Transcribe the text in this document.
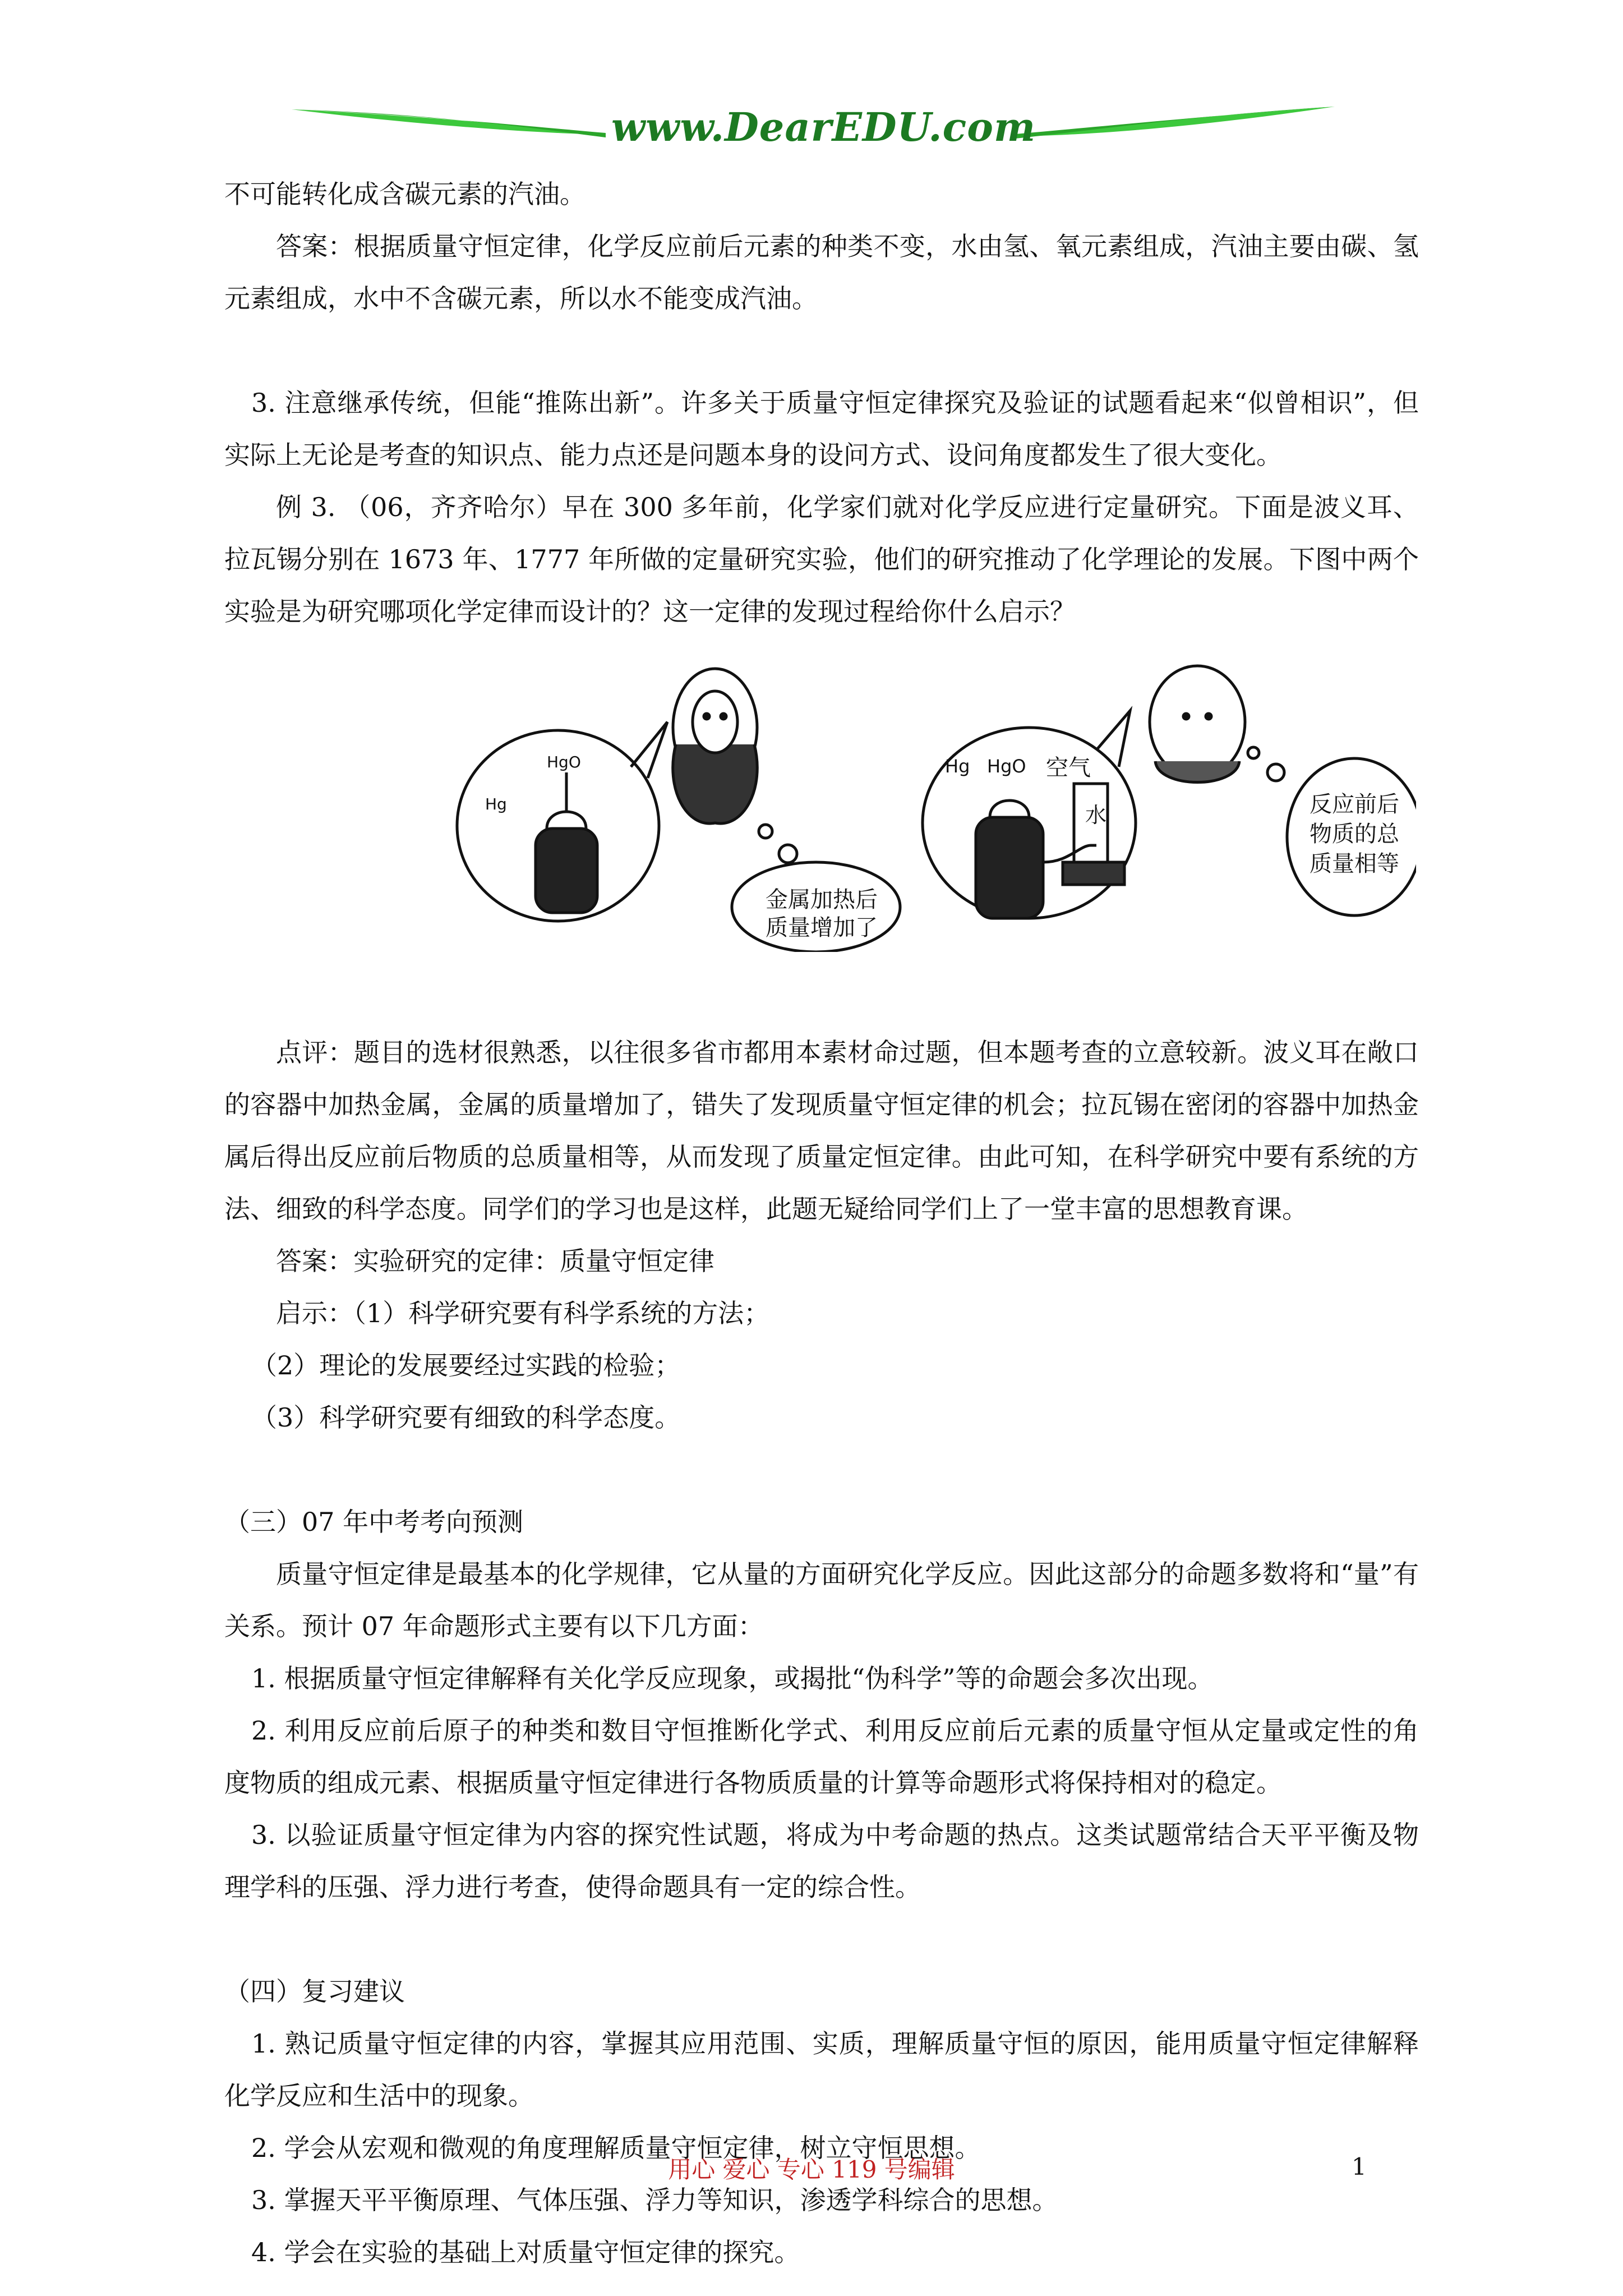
www.DearEDU.com

不可能转化成含碳元素的汽油。

答案：根据质量守恒定律，化学反应前后元素的种类不变，水由氢、氧元素组成，汽油主要由碳、氢元素组成，水中不含碳元素，所以水不能变成汽油。

3. 注意继承传统，但能“推陈出新”。许多关于质量守恒定律探究及验证的试题看起来“似曾相识”，但实际上无论是考查的知识点、能力点还是问题本身的设问方式、设问角度都发生了很大变化。

例 3. （06，齐齐哈尔）早在 300 多年前，化学家们就对化学反应进行定量研究。下面是波义耳、拉瓦锡分别在 1673 年、1777 年所做的定量研究实验，他们的研究推动了化学理论的发展。下图中两个实验是为研究哪项化学定律而设计的？这一定律的发现过程给你什么启示？

Hg
HgO
金属加热后
质量增加了
Hg HgO 空气
水	反应前后
物质的总
质量相等

点评：题目的选材很熟悉，以往很多省市都用本素材命过题，但本题考查的立意较新。波义耳在敞口的容器中加热金属，金属的质量增加了，错失了发现质量守恒定律的机会；拉瓦锡在密闭的容器中加热金属后得出反应前后物质的总质量相等，从而发现了质量定恒定律。由此可知，在科学研究中要有系统的方法、细致的科学态度。同学们的学习也是这样，此题无疑给同学们上了一堂丰富的思想教育课。

答案：实验研究的定律：质量守恒定律

启示：（1）科学研究要有科学系统的方法；

（2）理论的发展要经过实践的检验；

（3）科学研究要有细致的科学态度。

（三）07 年中考考向预测

质量守恒定律是最基本的化学规律，它从量的方面研究化学反应。因此这部分的命题多数将和“量”有关系。预计 07 年命题形式主要有以下几方面：

1. 根据质量守恒定律解释有关化学反应现象，或揭批“伪科学”等的命题会多次出现。

2. 利用反应前后原子的种类和数目守恒推断化学式、利用反应前后元素的质量守恒从定量或定性的角度物质的组成元素、根据质量守恒定律进行各物质质量的计算等命题形式将保持相对的稳定。

3. 以验证质量守恒定律为内容的探究性试题，将成为中考命题的热点。这类试题常结合天平平衡及物理学科的压强、浮力进行考查，使得命题具有一定的综合性。

（四）复习建议

1. 熟记质量守恒定律的内容，掌握其应用范围、实质，理解质量守恒的原因，能用质量守恒定律解释化学反应和生活中的现象。

2. 学会从宏观和微观的角度理解质量守恒定律，树立守恒思想。

3. 掌握天平平衡原理、气体压强、浮力等知识，渗透学科综合的思想。

4. 学会在实验的基础上对质量守恒定律的探究。

用心 爱心 专心 119 号编辑	1
